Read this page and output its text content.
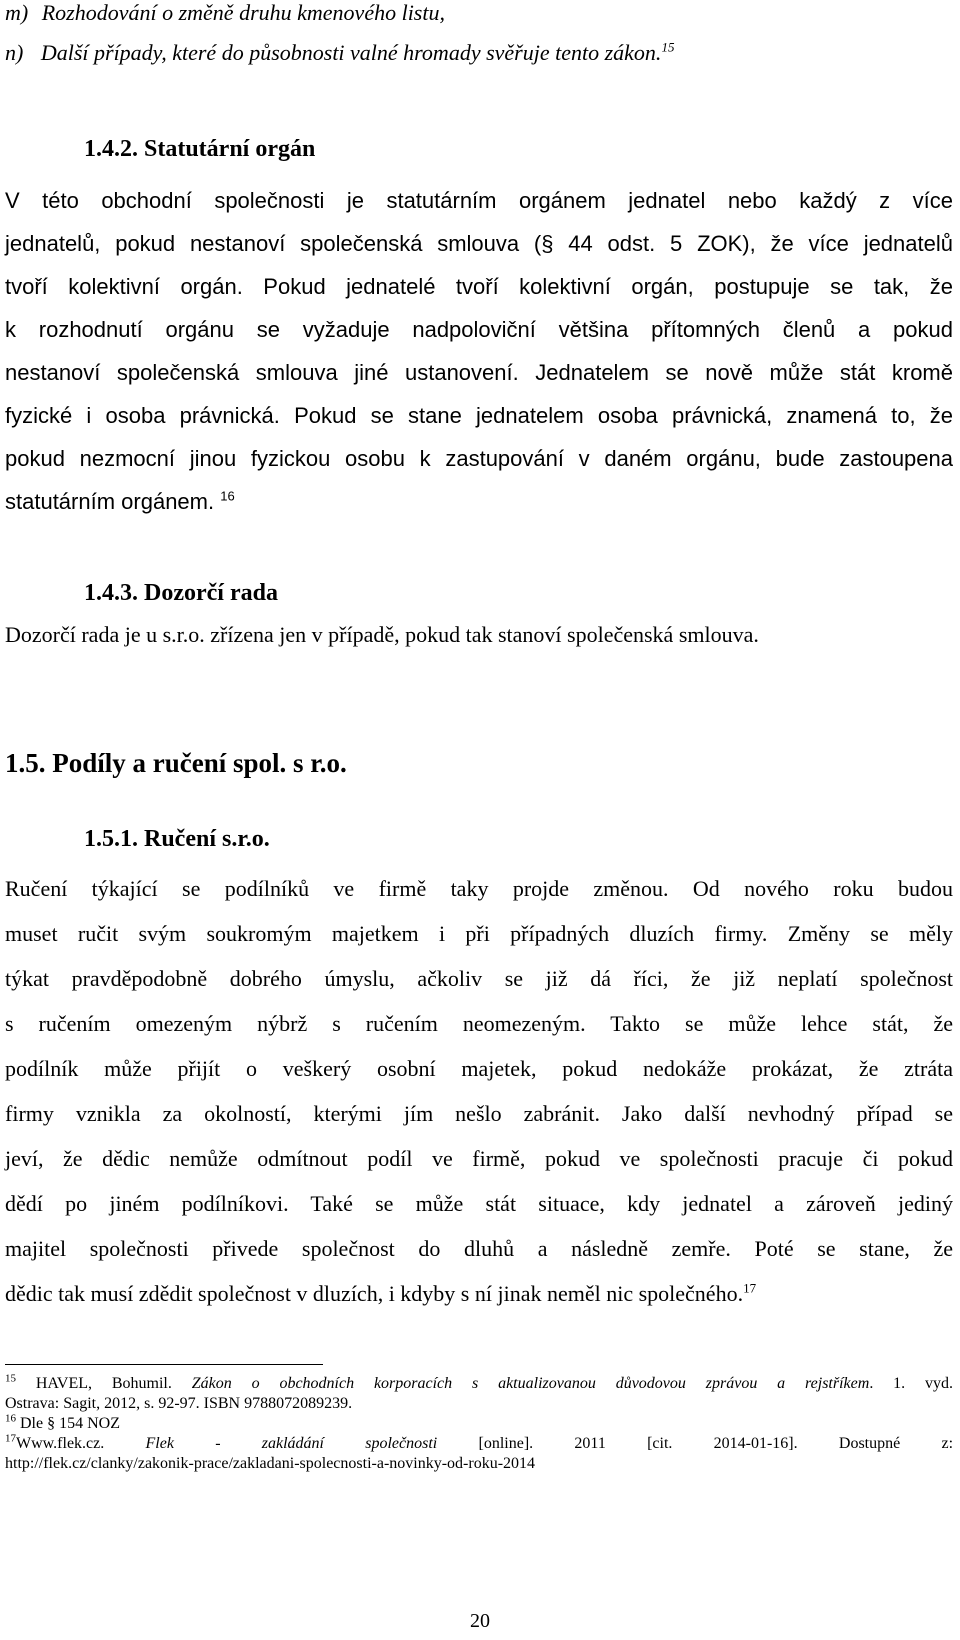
m) Rozhodování o změně druhu kmenového listu,
n) Další případy, které do působnosti valné hromady svěřuje tento zákon.$^{15}$
1.4.2. Statutární orgán
V této obchodní společnosti je statutárním orgánem jednatel nebo každý z více
jednatelů, pokud nestanoví společenská smlouva (§ 44 odst. 5 ZOK), že více jednatelů
tvoří kolektivní orgán. Pokud jednatelé tvoří kolektivní orgán, postupuje se tak, že
k rozhodnutí orgánu se vyžaduje nadpoloviční většina přítomných členů a pokud
nestanoví společenská smlouva jiné ustanovení. Jednatelem se nově může stát kromě
fyzické i osoba právnická. Pokud se stane jednatelem osoba právnická, znamená to, že
pokud nezmocní jinou fyzickou osobu k zastupování v daném orgánu, bude zastoupena
statutárním orgánem. $^{16}$
1.4.3. Dozorčí rada
Dozorčí rada je u s.r.o. zřízena jen v případě, pokud tak stanoví společenská smlouva.
1.5. Podíly a ručení spol. s r.o.
1.5.1. Ručení s.r.o.
Ručení týkající se podílníků ve firmě taky projde změnou. Od nového roku budou
muset ručit svým soukromým majetkem i při případných dluzích firmy. Změny se měly
týkat pravděpodobně dobrého úmyslu, ačkoliv se již dá říci, že již neplatí společnost
s ručením omezeným nýbrž s ručením neomezeným. Takto se může lehce stát, že
podílník může přijít o veškerý osobní majetek, pokud nedokáže prokázat, že ztráta
firmy vznikla za okolností, kterými jím nešlo zabránit. Jako další nevhodný případ se
jeví, že dědic nemůže odmítnout podíl ve firmě, pokud ve společnosti pracuje či pokud
dědí po jiném podílníkovi. Také se může stát situace, kdy jednatel a zároveň jediný
majitel společnosti přivede společnost do dluhů a následně zemře. Poté se stane, že
dědic tak musí zdědit společnost v dluzích, i kdyby s ní jinak neměl nic společného.$^{17}$
$^{15}$ HAVEL, Bohumil. Zákon o obchodních korporacích s aktualizovanou důvodovou zprávou a rejstříkem. 1. vyd.
Ostrava: Sagit, 2012, s. 92-97. ISBN 9788072089239.
$^{16}$ Dle § 154 NOZ
$^{17}$Www.flek.cz.	Flek - zakládání společnosti	[online]. 2011 [cit. 2014-01-16]. Dostupné z:
http://flek.cz/clanky/zakonik-prace/zakladani-spolecnosti-a-novinky-od-roku-2014
20
